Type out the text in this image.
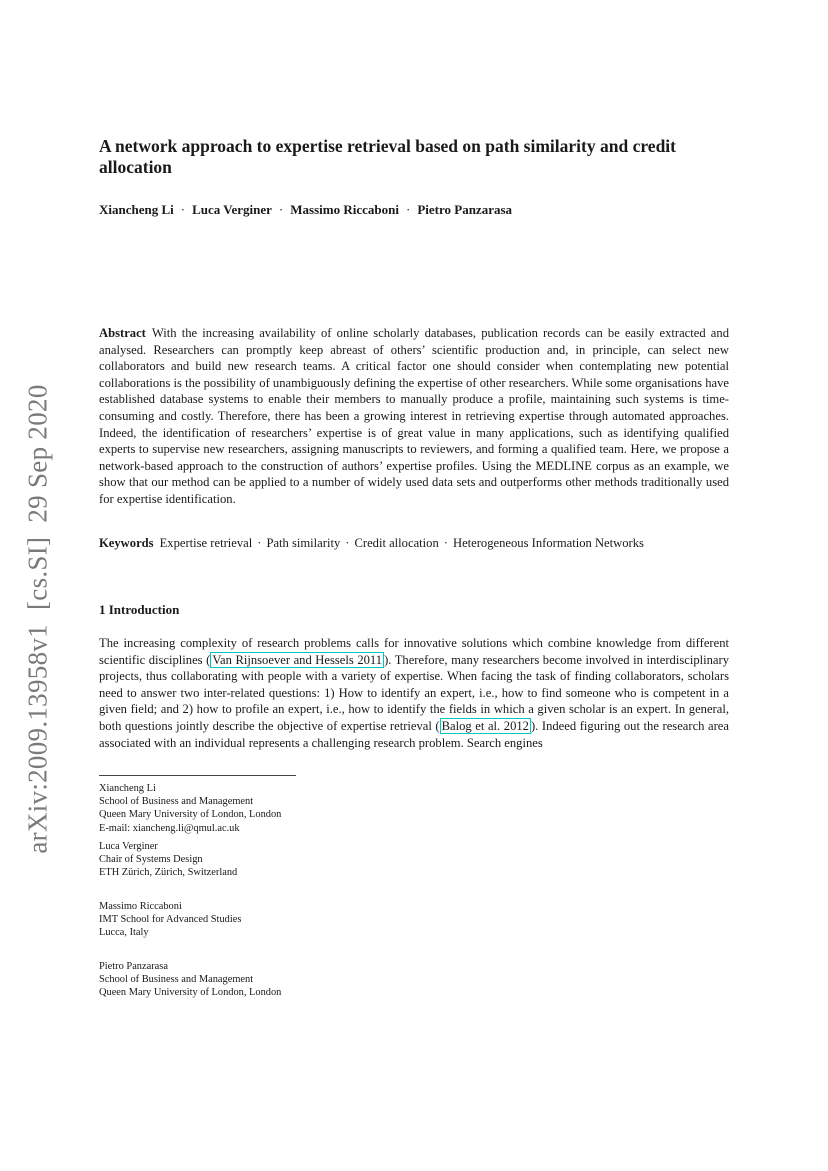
arXiv:2009.13958v1[cs.SI]29 Sep 2020
A network approach to expertise retrieval based on path similarity and credit allocation
Xiancheng Li · Luca Verginer · Massimo Riccaboni · Pietro Panzarasa
Abstract With the increasing availability of online scholarly databases, publication records can be easily extracted and analysed. Researchers can promptly keep abreast of others’ scientific production and, in principle, can select new collaborators and build new research teams. A critical factor one should consider when contemplating new potential collaborations is the possibility of unambiguously defining the expertise of other researchers. While some organisations have established database systems to enable their members to manually produce a profile, maintaining such systems is time-consuming and costly. Therefore, there has been a growing interest in retrieving expertise through automated approaches. Indeed, the identification of researchers’ expertise is of great value in many applications, such as identifying qualified experts to supervise new researchers, assigning manuscripts to reviewers, and forming a qualified team. Here, we propose a network-based approach to the construction of authors’ expertise profiles. Using the MEDLINE corpus as an example, we show that our method can be applied to a number of widely used data sets and outperforms other methods traditionally used for expertise identification.
Keywords Expertise retrieval · Path similarity · Credit allocation · Heterogeneous Information Networks
1 Introduction
The increasing complexity of research problems calls for innovative solutions which combine knowledge from different scientific disciplines ( Van Rijnsoever and Hessels 2011 ). Therefore, many researchers become involved in interdisciplinary projects, thus collaborating with people with a variety of expertise. When facing the task of finding collaborators, scholars need to answer two inter-related questions: 1) How to identify an expert, i.e., how to find someone who is competent in a given field; and 2) how to profile an expert, i.e., how to identify the fields in which a given scholar is an expert. In general, both questions jointly describe the objective of expertise retrieval ( Balog et al. 2012 ). Indeed figuring out the research area associated with an individual represents a challenging research problem. Search engines
Xiancheng Li
School of Business and Management
Queen Mary University of London, London
E-mail: xiancheng.li@qmul.ac.uk
Luca Verginer
Chair of Systems Design
ETH Zürich, Zürich, Switzerland
Massimo Riccaboni
IMT School for Advanced Studies
Lucca, Italy
Pietro Panzarasa
School of Business and Management
Queen Mary University of London, London
